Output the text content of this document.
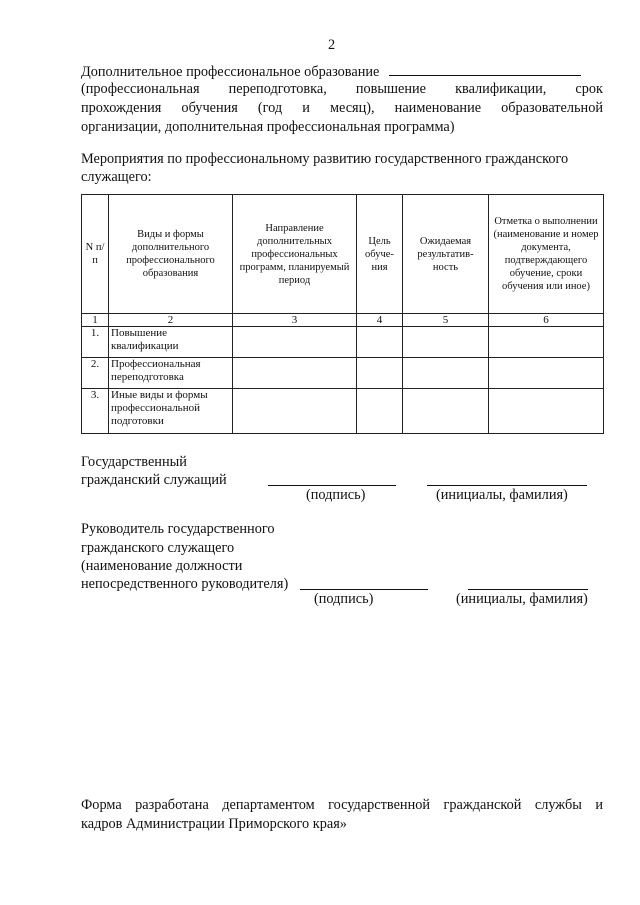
2
Дополнительное профессиональное образование
(профессиональная переподготовка, повышение квалификации, срок
прохождения обучения (год и месяц), наименование образовательной
организации, дополнительная профессиональная программа)
Мероприятия по профессиональному развитию государственного гражданского
служащего:
N п/п	Виды и формы дополнительного профессионального образования	Направление дополнительных профессиональных программ, планируемый период	Цель обуче-ния	Ожидаемая результатив-ность	Отметка о выполнении (наименование и номер документа, подтверждающего обучение, сроки обучения или иное)
1	2	3	4	5	6
1.	Повышение квалификации				
2.	Профессиональная переподготовка				
3.	Иные виды и формы профессиональной подготовки				
Государственный
гражданский служащий
(подпись)	(инициалы, фамилия)
Руководитель государственного
гражданского служащего
(наименование должности
непосредственного руководителя)
(подпись)	(инициалы, фамилия)
Форма разработана департаментом государственной гражданской службы и
кадров Администрации Приморского края»
